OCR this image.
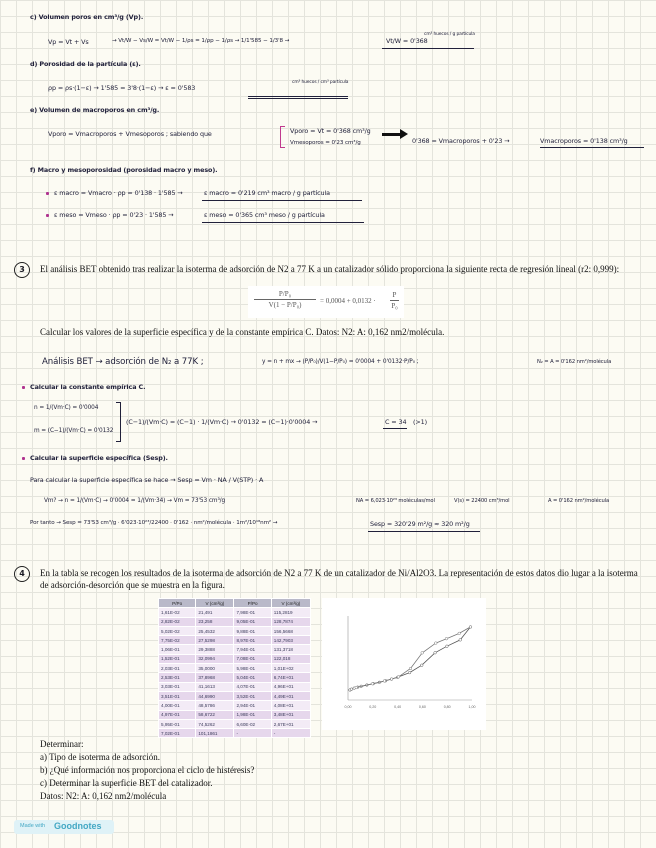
c) Volumen poros en cm³/g (Vp).
Vp = Vt + Vs	→ Vt/W − Vs/W = Vt/W − 1/ρs = 1/ρp − 1/ρs → 1/1'585 − 1/3'8 →	Vt/W = 0'368
cm³ huecos / g partícula
d) Porosidad de la partícula (ε).
ρp = ρs·(1−ε) → 1'585 = 3'8·(1−ε) → ε = 0'583
cm³ huecos / cm³ partícula
e) Volumen de macroporos en cm³/g.
Vporo = Vmacroporos + Vmesoporos ; sabiendo que	Vporo = Vt = 0'368 cm³/g
Vmesoporos = 0'23 cm³/g	0'368 = Vmacroporos + 0'23 →	Vmacroporos = 0'138 cm³/g
f) Macro y mesoporosidad (porosidad macro y meso).
ε macro = Vmacro · ρp = 0'138 · 1'585 →	ε macro = 0'219 cm³ macro / g partícula
ε meso = Vmeso · ρp = 0'23 · 1'585 →	ε meso = 0'365 cm³ meso / g partícula
3	El análisis BET obtenido tras realizar la isoterma de adsorción de N2 a 77 K a un catalizador sólido proporciona la siguiente recta de regresión lineal (r2: 0,999):
P/P₀
V(1 − P/P₀)	= 0,0004 + 0,0132 ·
P
P₀
Calcular los valores de la superficie específica y de la constante empírica C. Datos: N2: A: 0,162 nm2/molécula.
Análisis BET → adsorción de N₂ a 77K ;	y = n + mx → (P/P₀)/V(1−P/P₀) = 0'0004 + 0'0132·P/P₀ ;	N₂ = A = 0'162 nm²/molécula
Calcular la constante empírica C.
n = 1/(Vm·C) = 0'0004
m = (C−1)/(Vm·C) = 0'0132
(C−1)/(Vm·C) = (C−1) · 1/(Vm·C) → 0'0132 = (C−1)·0'0004 →	C = 34 (>1)
Calcular la superficie específica (Sesp).
Para calcular la superficie específica se hace → Sesp = Vm · NA / V(STP) · A
Vm? → n = 1/(Vm·C) → 0'0004 = 1/(Vm·34) → Vm = 73'53 cm³/g	NA = 6,023·10²³ moléculas/mol	V(s) = 22400 cm³/mol	A = 0'162 nm²/molécula
Por tanto → Sesp = 73'53 cm³/g · 6'023·10²³/22400 · 0'162 · nm²/molécula · 1m²/10¹⁸nm² →	Sesp = 320'29 m²/g ≈ 320 m²/g
4	En la tabla se recogen los resultados de la isoterma de adsorción de N2 a 77 K de un catalizador de Ni/Al2O3. La representación de estos datos dio lugar a la isoterma de adsorción-desorción que se muestra en la figura.
P/Po	V (cm³/g)	P/Po	V (cm³/g)
1,61E-02	21,491	7,98E-01	115,2819
2,82E-02	23,258	9,05E-01	128,7874
5,02E-02	25,4532	9,88E-01	156,5668
7,75E-02	27,5298	8,97E-01	142,7903
1,06E-01	29,3888	7,94E-01	131,3718
1,52E-01	32,0994	7,08E-01	122,018
2,03E-01	35,0000	5,98E-01	1,01E+02
2,53E-01	37,8968	5,04E-01	6,74E+01
3,03E-01	41,1613	4,07E-01	4,96E+01
3,51E-01	44,6990	3,52E-01	4,49E+01
4,00E-01	48,5786	2,94E-01	4,08E+01
4,97E-01	58,6722	1,98E-01	3,48E+01
5,95E-01	74,5262	6,60E-02	2,67E+01
7,02E-01	101,1861	-	-
0,00	0,20	0,40	0,60	0,80	1,00
Determinar:
a) Tipo de isoterma de adsorción.
b) ¿Qué información nos proporciona el ciclo de histéresis?
c) Determinar la superficie BET del catalizador.
Datos: N2: A: 0,162 nm2/molécula
Made with Goodnotes
